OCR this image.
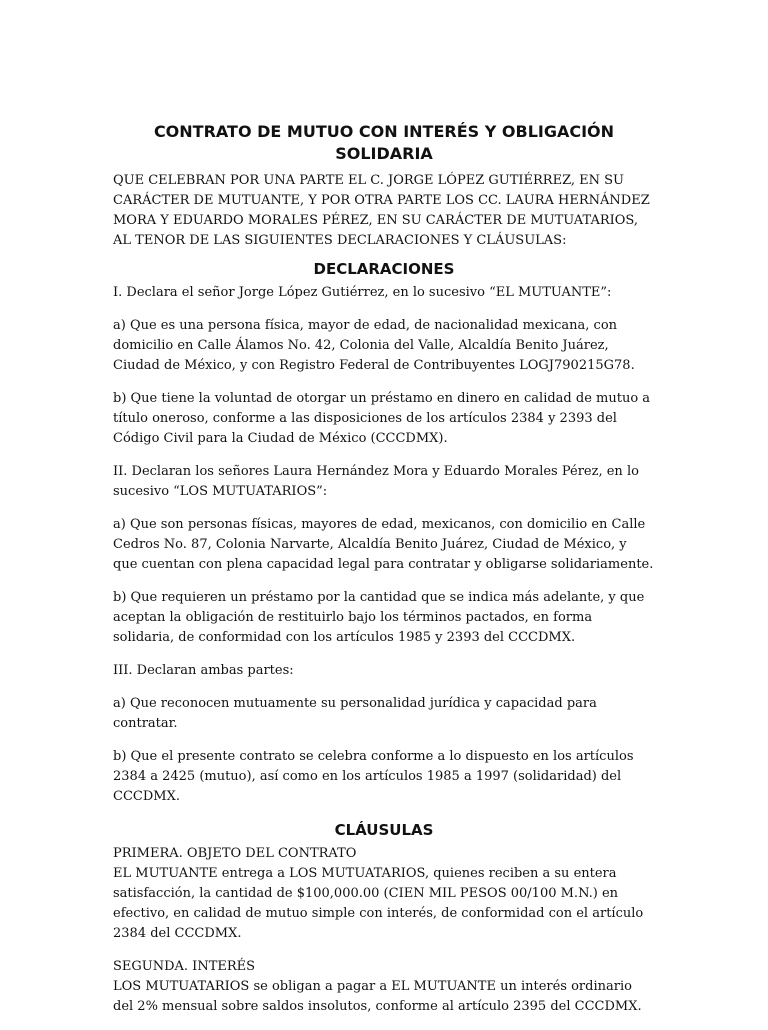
CONTRATO DE MUTUO CON INTERÉS Y OBLIGACIÓN SOLIDARIA

QUE CELEBRAN POR UNA PARTE EL C. JORGE LÓPEZ GUTIÉRREZ, EN SU CARÁCTER DE MUTUANTE, Y POR OTRA PARTE LOS CC. LAURA HERNÁNDEZ MORA Y EDUARDO MORALES PÉREZ, EN SU CARÁCTER DE MUTUATARIOS, AL TENOR DE LAS SIGUIENTES DECLARACIONES Y CLÁUSULAS:

DECLARACIONES

I. Declara el señor Jorge López Gutiérrez, en lo sucesivo “EL MUTUANTE”:

a) Que es una persona física, mayor de edad, de nacionalidad mexicana, con domicilio en Calle Álamos No. 42, Colonia del Valle, Alcaldía Benito Juárez, Ciudad de México, y con Registro Federal de Contribuyentes LOGJ790215G78.

b) Que tiene la voluntad de otorgar un préstamo en dinero en calidad de mutuo a título oneroso, conforme a las disposiciones de los artículos 2384 y 2393 del Código Civil para la Ciudad de México (CCCDMX).

II. Declaran los señores Laura Hernández Mora y Eduardo Morales Pérez, en lo sucesivo “LOS MUTUATARIOS”:

a) Que son personas físicas, mayores de edad, mexicanos, con domicilio en Calle Cedros No. 87, Colonia Narvarte, Alcaldía Benito Juárez, Ciudad de México, y que cuentan con plena capacidad legal para contratar y obligarse solidariamente.

b) Que requieren un préstamo por la cantidad que se indica más adelante, y que aceptan la obligación de restituirlo bajo los términos pactados, en forma solidaria, de conformidad con los artículos 1985 y 2393 del CCCDMX.

III. Declaran ambas partes:

a) Que reconocen mutuamente su personalidad jurídica y capacidad para contratar.

b) Que el presente contrato se celebra conforme a lo dispuesto en los artículos 2384 a 2425 (mutuo), así como en los artículos 1985 a 1997 (solidaridad) del CCCDMX.

CLÁUSULAS
PRIMERA. OBJETO DEL CONTRATO

EL MUTUANTE entrega a LOS MUTUATARIOS, quienes reciben a su entera satisfacción, la cantidad de $100,000.00 (CIEN MIL PESOS 00/100 M.N.) en efectivo, en calidad de mutuo simple con interés, de conformidad con el artículo 2384 del CCCDMX.

SEGUNDA. INTERÉS

LOS MUTUATARIOS se obligan a pagar a EL MUTUANTE un interés ordinario del 2% mensual sobre saldos insolutos, conforme al artículo 2395 del CCCDMX.
